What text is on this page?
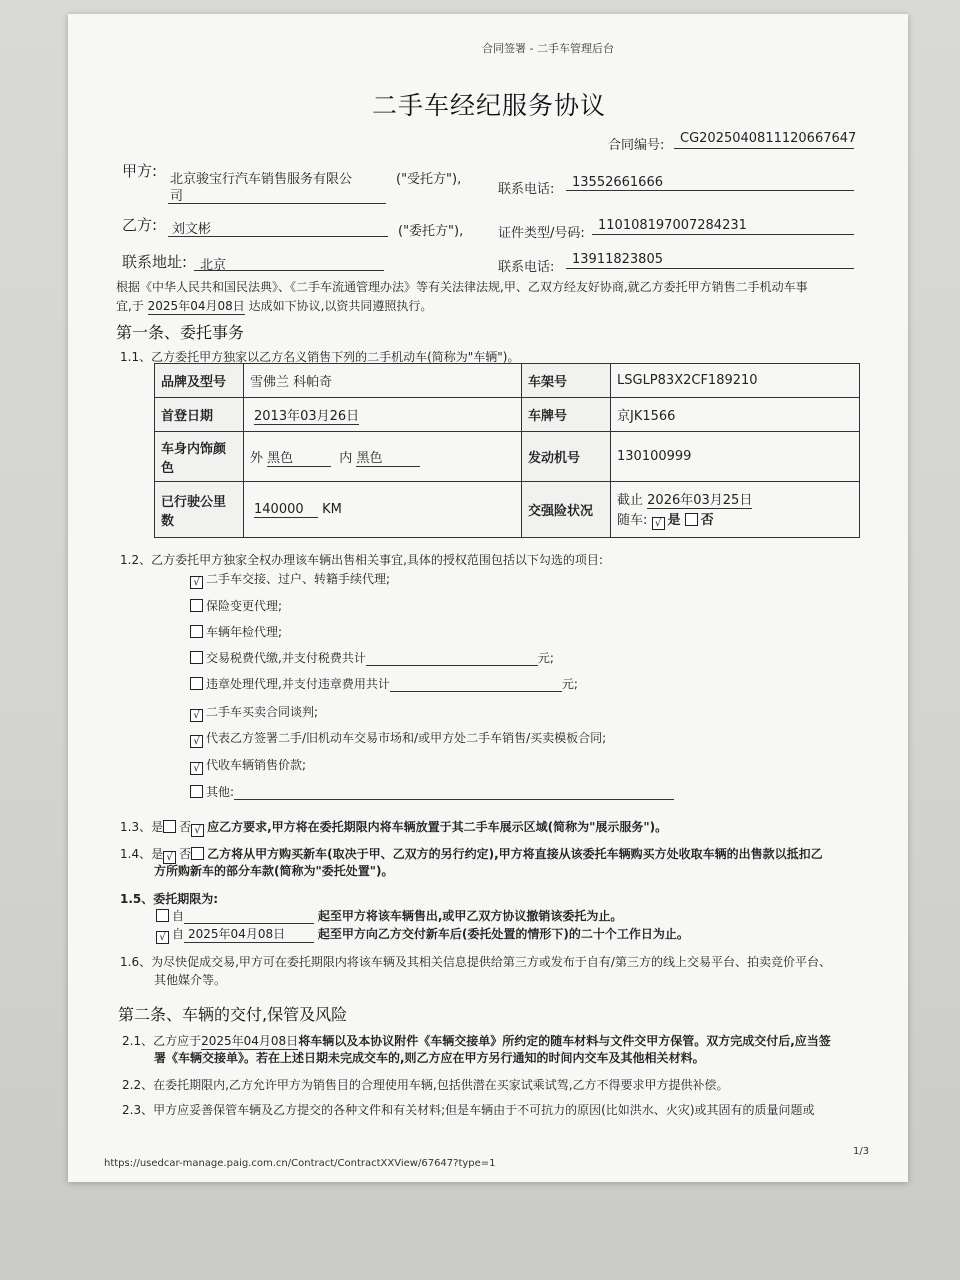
合同签署 - 二手车管理后台
二手车经纪服务协议
合同编号: CG2025040811120667647
甲方: 北京骏宝行汽车销售服务有限公
司
("受托方"),
联系电话: 13552661666
乙方: 刘文彬	("委托方"),	证件类型/号码:
110108197007284231
联系地址: 北京	联系电话:
13911823805
根据《中华人民共和国民法典》、《二手车流通管理办法》等有关法律法规,甲、乙双方经友好协商,就乙方委托甲方销售二手机动车事
宜,于 2025年04月08日 达成如下协议,以资共同遵照执行。
第一条、委托事务
1.1、乙方委托甲方独家以乙方名义销售下列的二手机动车(简称为"车辆")。
品牌及型号	雪佛兰 科帕奇	车架号	LSGLP83X2CF189210
首登日期	2013年03月26日	车牌号	京JK1566
车身内饰颜色	外 黑色 内 黑色	发动机号	130100999
已行驶公里数	140000 KM	交强险状况	截止 2026年03月25日
随车: √ 是 否
1.2、乙方委托甲方独家全权办理该车辆出售相关事宜,具体的授权范围包括以下勾选的项目:
√ 二手车交接、过户、转籍手续代理;
保险变更代理;
车辆年检代理;
交易税费代缴,并支付税费共计	元;
违章处理代理,并支付违章费用共计	元;
√ 二手车买卖合同谈判;
√ 代表乙方签署二手/旧机动车交易市场和/或甲方处二手车销售/买卖模板合同;
√ 代收车辆销售价款;
其他:
1.3、是 否 √ 应乙方要求,甲方将在委托期限内将车辆放置于其二手车展示区域(简称为"展示服务")。
1.4、是 √ 否 乙方将从甲方购买新车(取决于甲、乙双方的另行约定),甲方将直接从该委托车辆购买方处收取车辆的出售款以抵扣乙
方所购新车的部分车款(简称为"委托处置")。
1.5、委托期限为:
自	起至甲方将该车辆售出,或甲乙双方协议撤销该委托为止。
√ 自 2025年04月08日	起至甲方向乙方交付新车后(委托处置的情形下)的二十个工作日为止。
1.6、为尽快促成交易,甲方可在委托期限内将该车辆及其相关信息提供给第三方或发布于自有/第三方的线上交易平台、拍卖竞价平台、
其他媒介等。
第二条、车辆的交付,保管及风险
2.1、乙方应于2025年04月08日将车辆以及本协议附件《车辆交接单》所约定的随车材料与文件交甲方保管。双方完成交付后,应当签
署《车辆交接单》。若在上述日期未完成交车的,则乙方应在甲方另行通知的时间内交车及其他相关材料。
2.2、在委托期限内,乙方允许甲方为销售目的合理使用车辆,包括供潜在买家试乘试驾,乙方不得要求甲方提供补偿。
2.3、甲方应妥善保管车辆及乙方提交的各种文件和有关材料;但是车辆由于不可抗力的原因(比如洪水、火灾)或其固有的质量问题或
https://usedcar-manage.paig.com.cn/Contract/ContractXXView/67647?type=1
1/3
